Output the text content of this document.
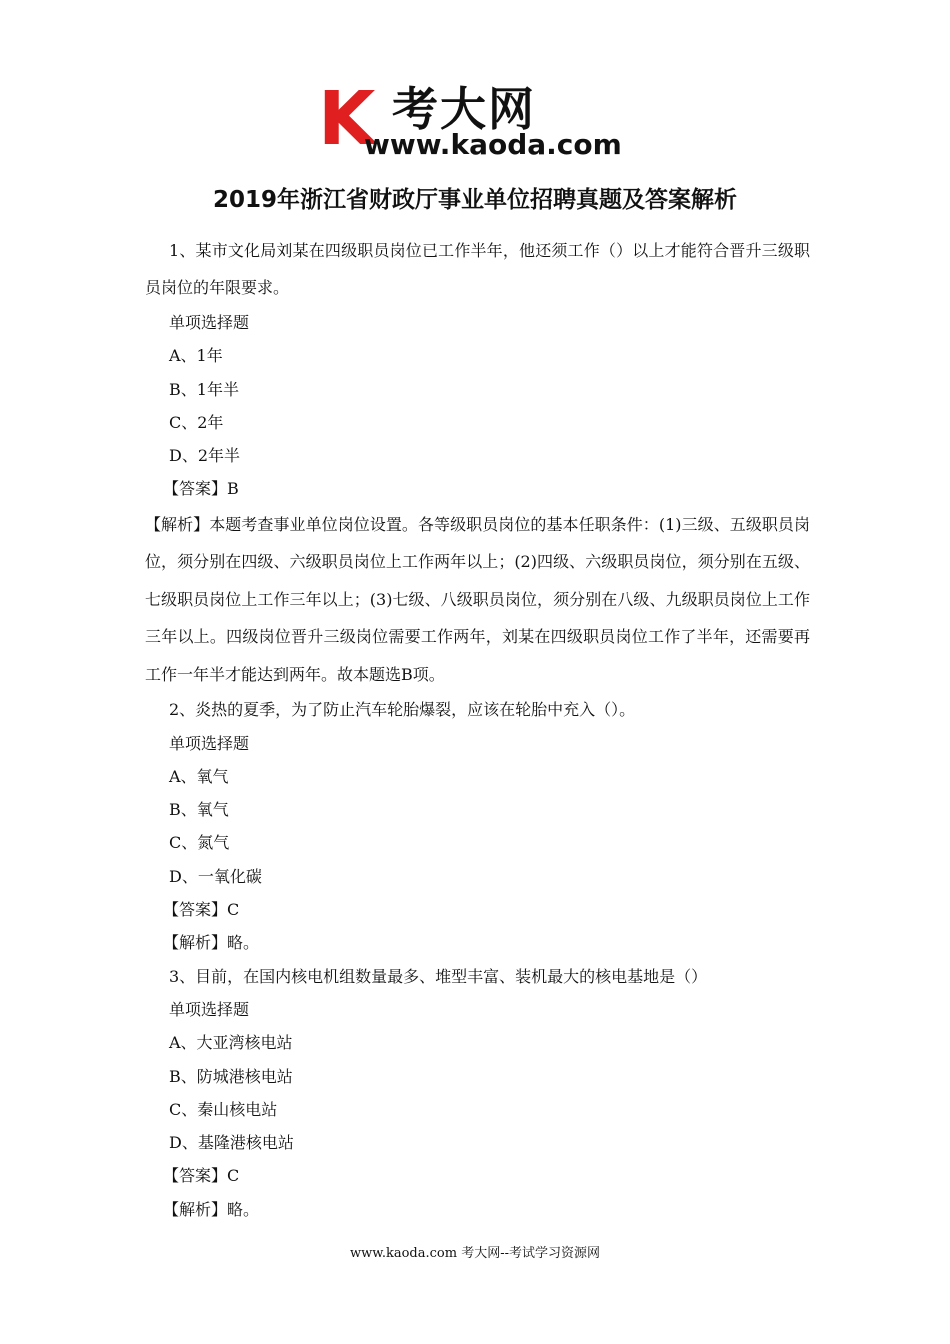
K 考大网
www.kaoda.com
2019年浙江省财政厅事业单位招聘真题及答案解析

1、某市文化局刘某在四级职员岗位已工作半年，他还须工作（）以上才能符合晋升三级职员岗位的年限要求。

单项选择题

A、1年

B、1年半

C、2年

D、2年半

【答案】B

【解析】本题考查事业单位岗位设置。各等级职员岗位的基本任职条件：(1)三级、五级职员岗位，须分别在四级、六级职员岗位上工作两年以上；(2)四级、六级职员岗位，须分别在五级、七级职员岗位上工作三年以上；(3)七级、八级职员岗位，须分别在八级、九级职员岗位上工作三年以上。四级岗位晋升三级岗位需要工作两年，刘某在四级职员岗位工作了半年，还需要再工作一年半才能达到两年。故本题选B项。

2、炎热的夏季，为了防止汽车轮胎爆裂，应该在轮胎中充入（）。

单项选择题

A、氧气

B、氧气

C、氮气

D、一氧化碳

【答案】C

【解析】略。

3、目前，在国内核电机组数量最多、堆型丰富、装机最大的核电基地是（）

单项选择题

A、大亚湾核电站

B、防城港核电站

C、秦山核电站

D、基隆港核电站

【答案】C

【解析】略。

www.kaoda.com 考大网--考试学习资源网
